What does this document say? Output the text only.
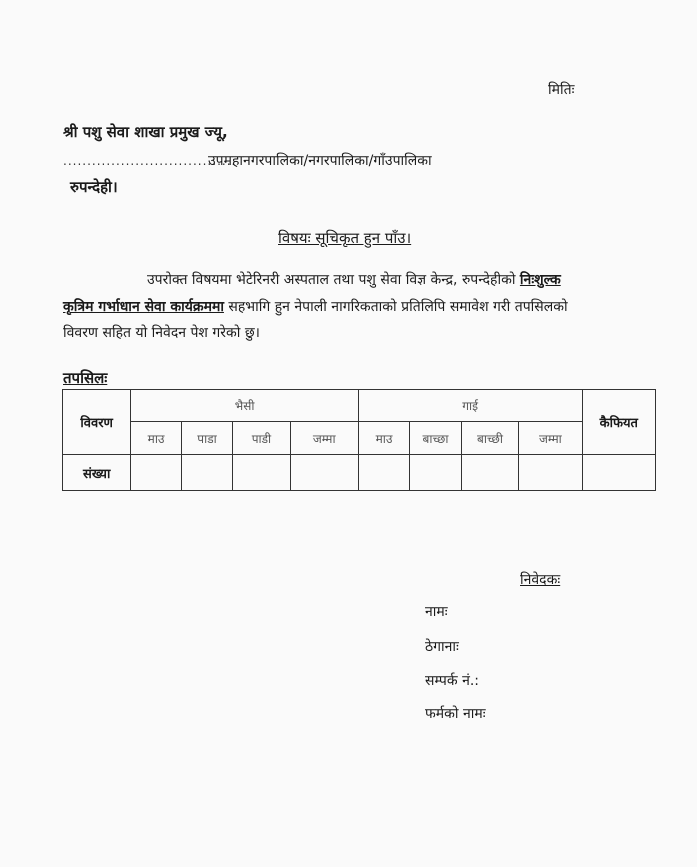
मितिः
श्री पशु सेवा शाखा प्रमुख ज्यू,
....................................
उपमहानगरपालिका/नगरपालिका/गाँउपालिका
रुपन्देही।
विषयः सूचिकृत हुन पाँउ।
उपरोक्त विषयमा भेटेरिनरी अस्पताल तथा पशु सेवा विज्ञ केन्द्र, रुपन्देहीको निःशुल्क
कृत्रिम गर्भाधान सेवा कार्यक्रममा सहभागि हुन नेपाली नागरिकताको प्रतिलिपि समावेश गरी तपसिलको
विवरण सहित यो निवेदन पेश गरेको छु।
तपसिलः
विवरण	भैसी				गाई				कैफियत
	माउ	पाडा	पाडी	जम्मा	माउ	बाच्छा	बाच्छी	जम्मा	
संख्या									
निवेदकः
नामः
ठेगानाः
सम्पर्क नं.:
फर्मको नामः
